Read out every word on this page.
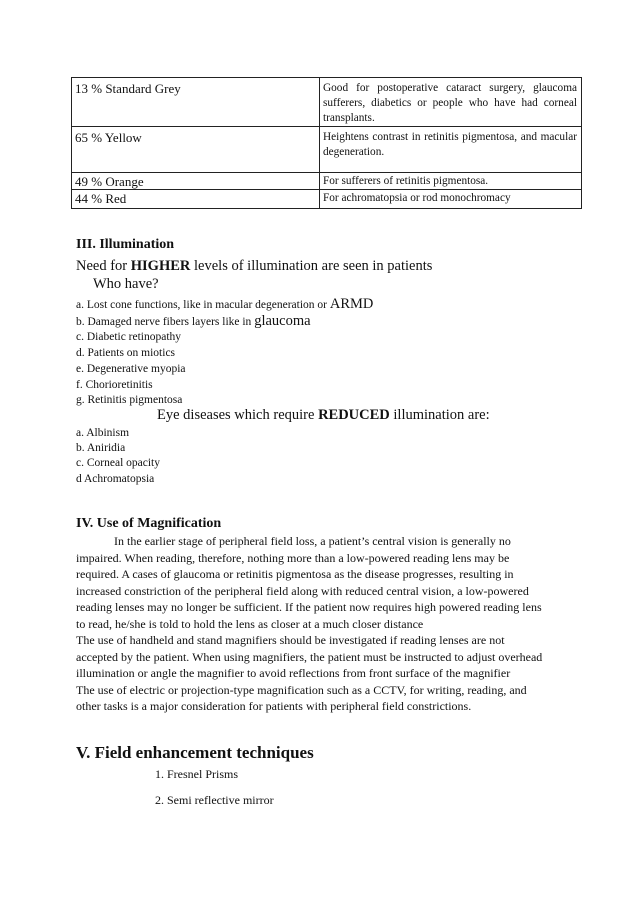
13 % Standard Grey	Good for postoperative cataract surgery, glaucoma sufferers, diabetics or people who have had corneal transplants.
65 % Yellow	Heightens contrast in retinitis pigmentosa, and macular degeneration.
49 % Orange	For sufferers of retinitis pigmentosa.
44 % Red	For achromatopsia or rod monochromacy
III. Illumination
Need for HIGHER levels of illumination are seen in patients
Who have?
a. Lost cone functions, like in macular degeneration or ARMD
b. Damaged nerve fibers layers like in glaucoma
c. Diabetic retinopathy
d. Patients on miotics
e. Degenerative myopia
f. Chorioretinitis
g. Retinitis pigmentosa
Eye diseases which require REDUCED illumination are:
a. Albinism
b. Aniridia
c. Corneal opacity
d Achromatopsia
IV. Use of Magnification

In the earlier stage of peripheral field loss, a patient’s central vision is generally no impaired. When reading, therefore, nothing more than a low-powered reading lens may be required. A cases of glaucoma or retinitis pigmentosa as the disease progresses, resulting in increased constriction of the peripheral field along with reduced central vision, a low-powered reading lenses may no longer be sufficient. If the patient now requires high powered reading lens to read, he/she is told to hold the lens as closer at a much closer distance

The use of handheld and stand magnifiers should be investigated if reading lenses are not accepted by the patient. When using magnifiers, the patient must be instructed to adjust overhead illumination or angle the magnifier to avoid reflections from front surface of the magnifier

The use of electric or projection-type magnification such as a CCTV, for writing, reading, and other tasks is a major consideration for patients with peripheral field constrictions.

V. Field enhancement techniques
1. Fresnel Prisms
2. Semi reflective mirror
